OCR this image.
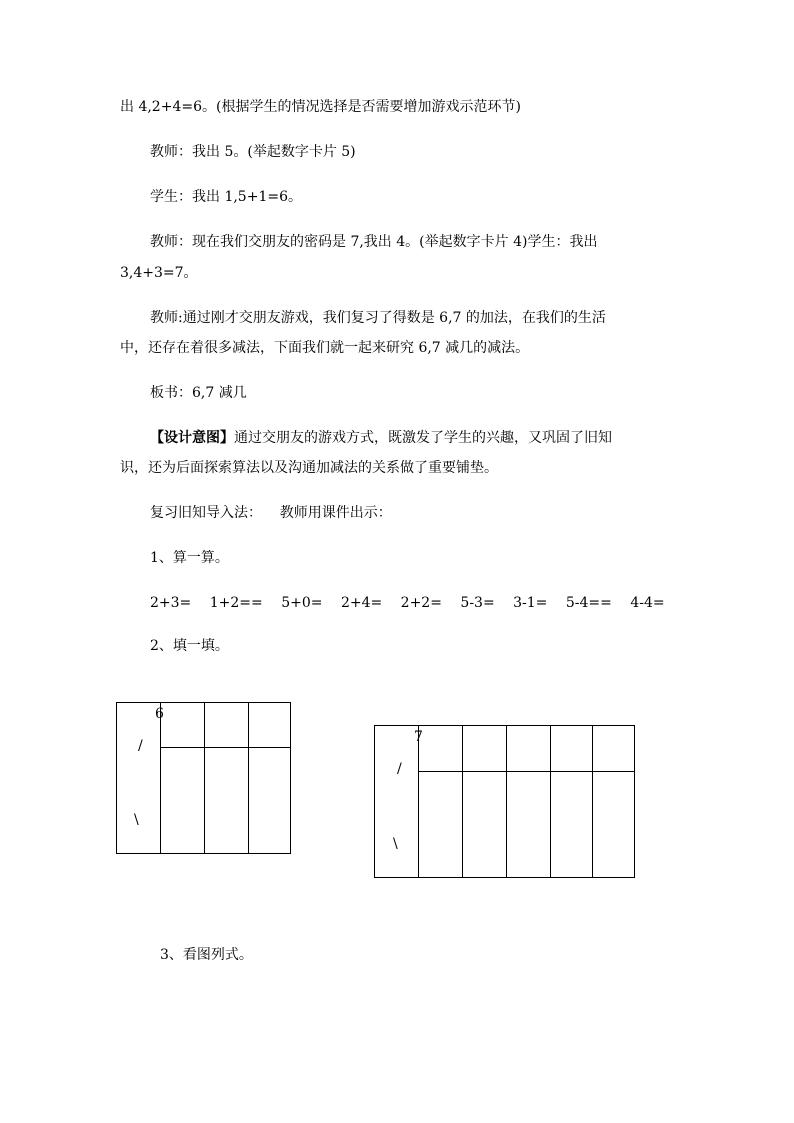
出 4,2+4=6。(根据学生的情况选择是否需要增加游戏示范环节)
教师：我出 5。(举起数字卡片 5)
学生：我出 1,5+1=6。
教师：现在我们交朋友的密码是 7,我出 4。(举起数字卡片 4)学生：我出
3,4+3=7。
教师:通过刚才交朋友游戏，我们复习了得数是 6,7 的加法，在我们的生活
中，还存在着很多减法，下面我们就一起来研究 6,7 减几的减法。
板书：6,7 减几
【设计意图】通过交朋友的游戏方式，既激发了学生的兴趣，又巩固了旧知
识，还为后面探索算法以及沟通加减法的关系做了重要铺垫。
复习旧知导入法：    教师用课件出示：
1、算一算。
2+3= 1+2== 5+0= 2+4= 2+2= 5-3= 3-1= 5-4== 4-4=
2、填一填。
6
/
\
7
/
\
3、看图列式。
